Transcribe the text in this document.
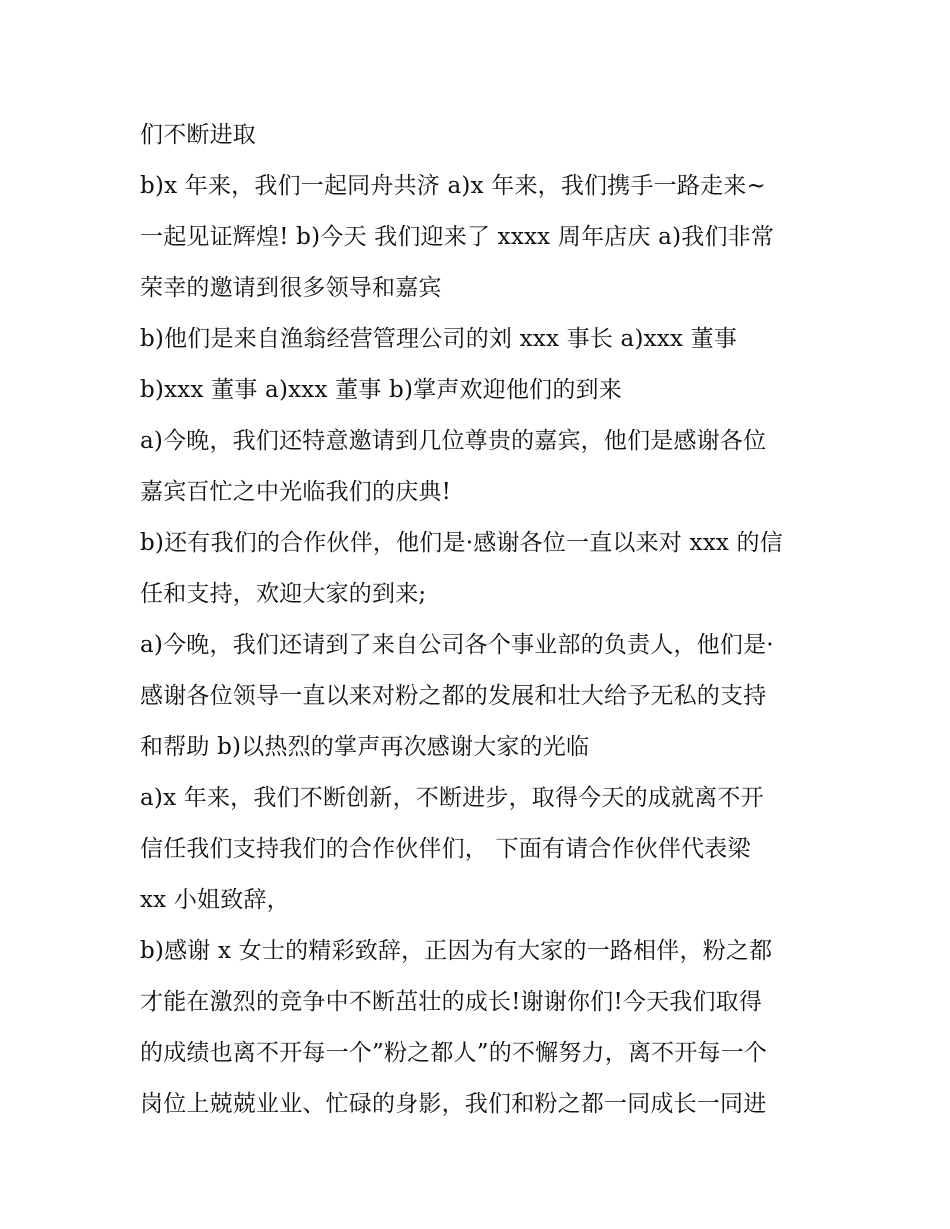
们不断进取
b)x 年来，我们一起同舟共济 a)x 年来，我们携手一路走来~
一起见证辉煌! b)今天 我们迎来了 xxxx 周年店庆 a)我们非常
荣幸的邀请到很多领导和嘉宾
b)他们是来自渔翁经营管理公司的刘 xxx 事长 a)xxx 董事
b)xxx 董事 a)xxx 董事 b)掌声欢迎他们的到来
a)今晚，我们还特意邀请到几位尊贵的嘉宾，他们是感谢各位
嘉宾百忙之中光临我们的庆典!
b)还有我们的合作伙伴，他们是·感谢各位一直以来对 xxx 的信
任和支持，欢迎大家的到来;
a)今晚，我们还请到了来自公司各个事业部的负责人，他们是·
感谢各位领导一直以来对粉之都的发展和壮大给予无私的支持
和帮助 b)以热烈的掌声再次感谢大家的光临
a)x 年来，我们不断创新，不断进步，取得今天的成就离不开
信任我们支持我们的合作伙伴们， 下面有请合作伙伴代表梁
xx 小姐致辞，
b)感谢 x 女士的精彩致辞，正因为有大家的一路相伴，粉之都
才能在激烈的竞争中不断茁壮的成长!谢谢你们!今天我们取得
的成绩也离不开每一个”粉之都人”的不懈努力，离不开每一个
岗位上兢兢业业、忙碌的身影，我们和粉之都一同成长一同进
